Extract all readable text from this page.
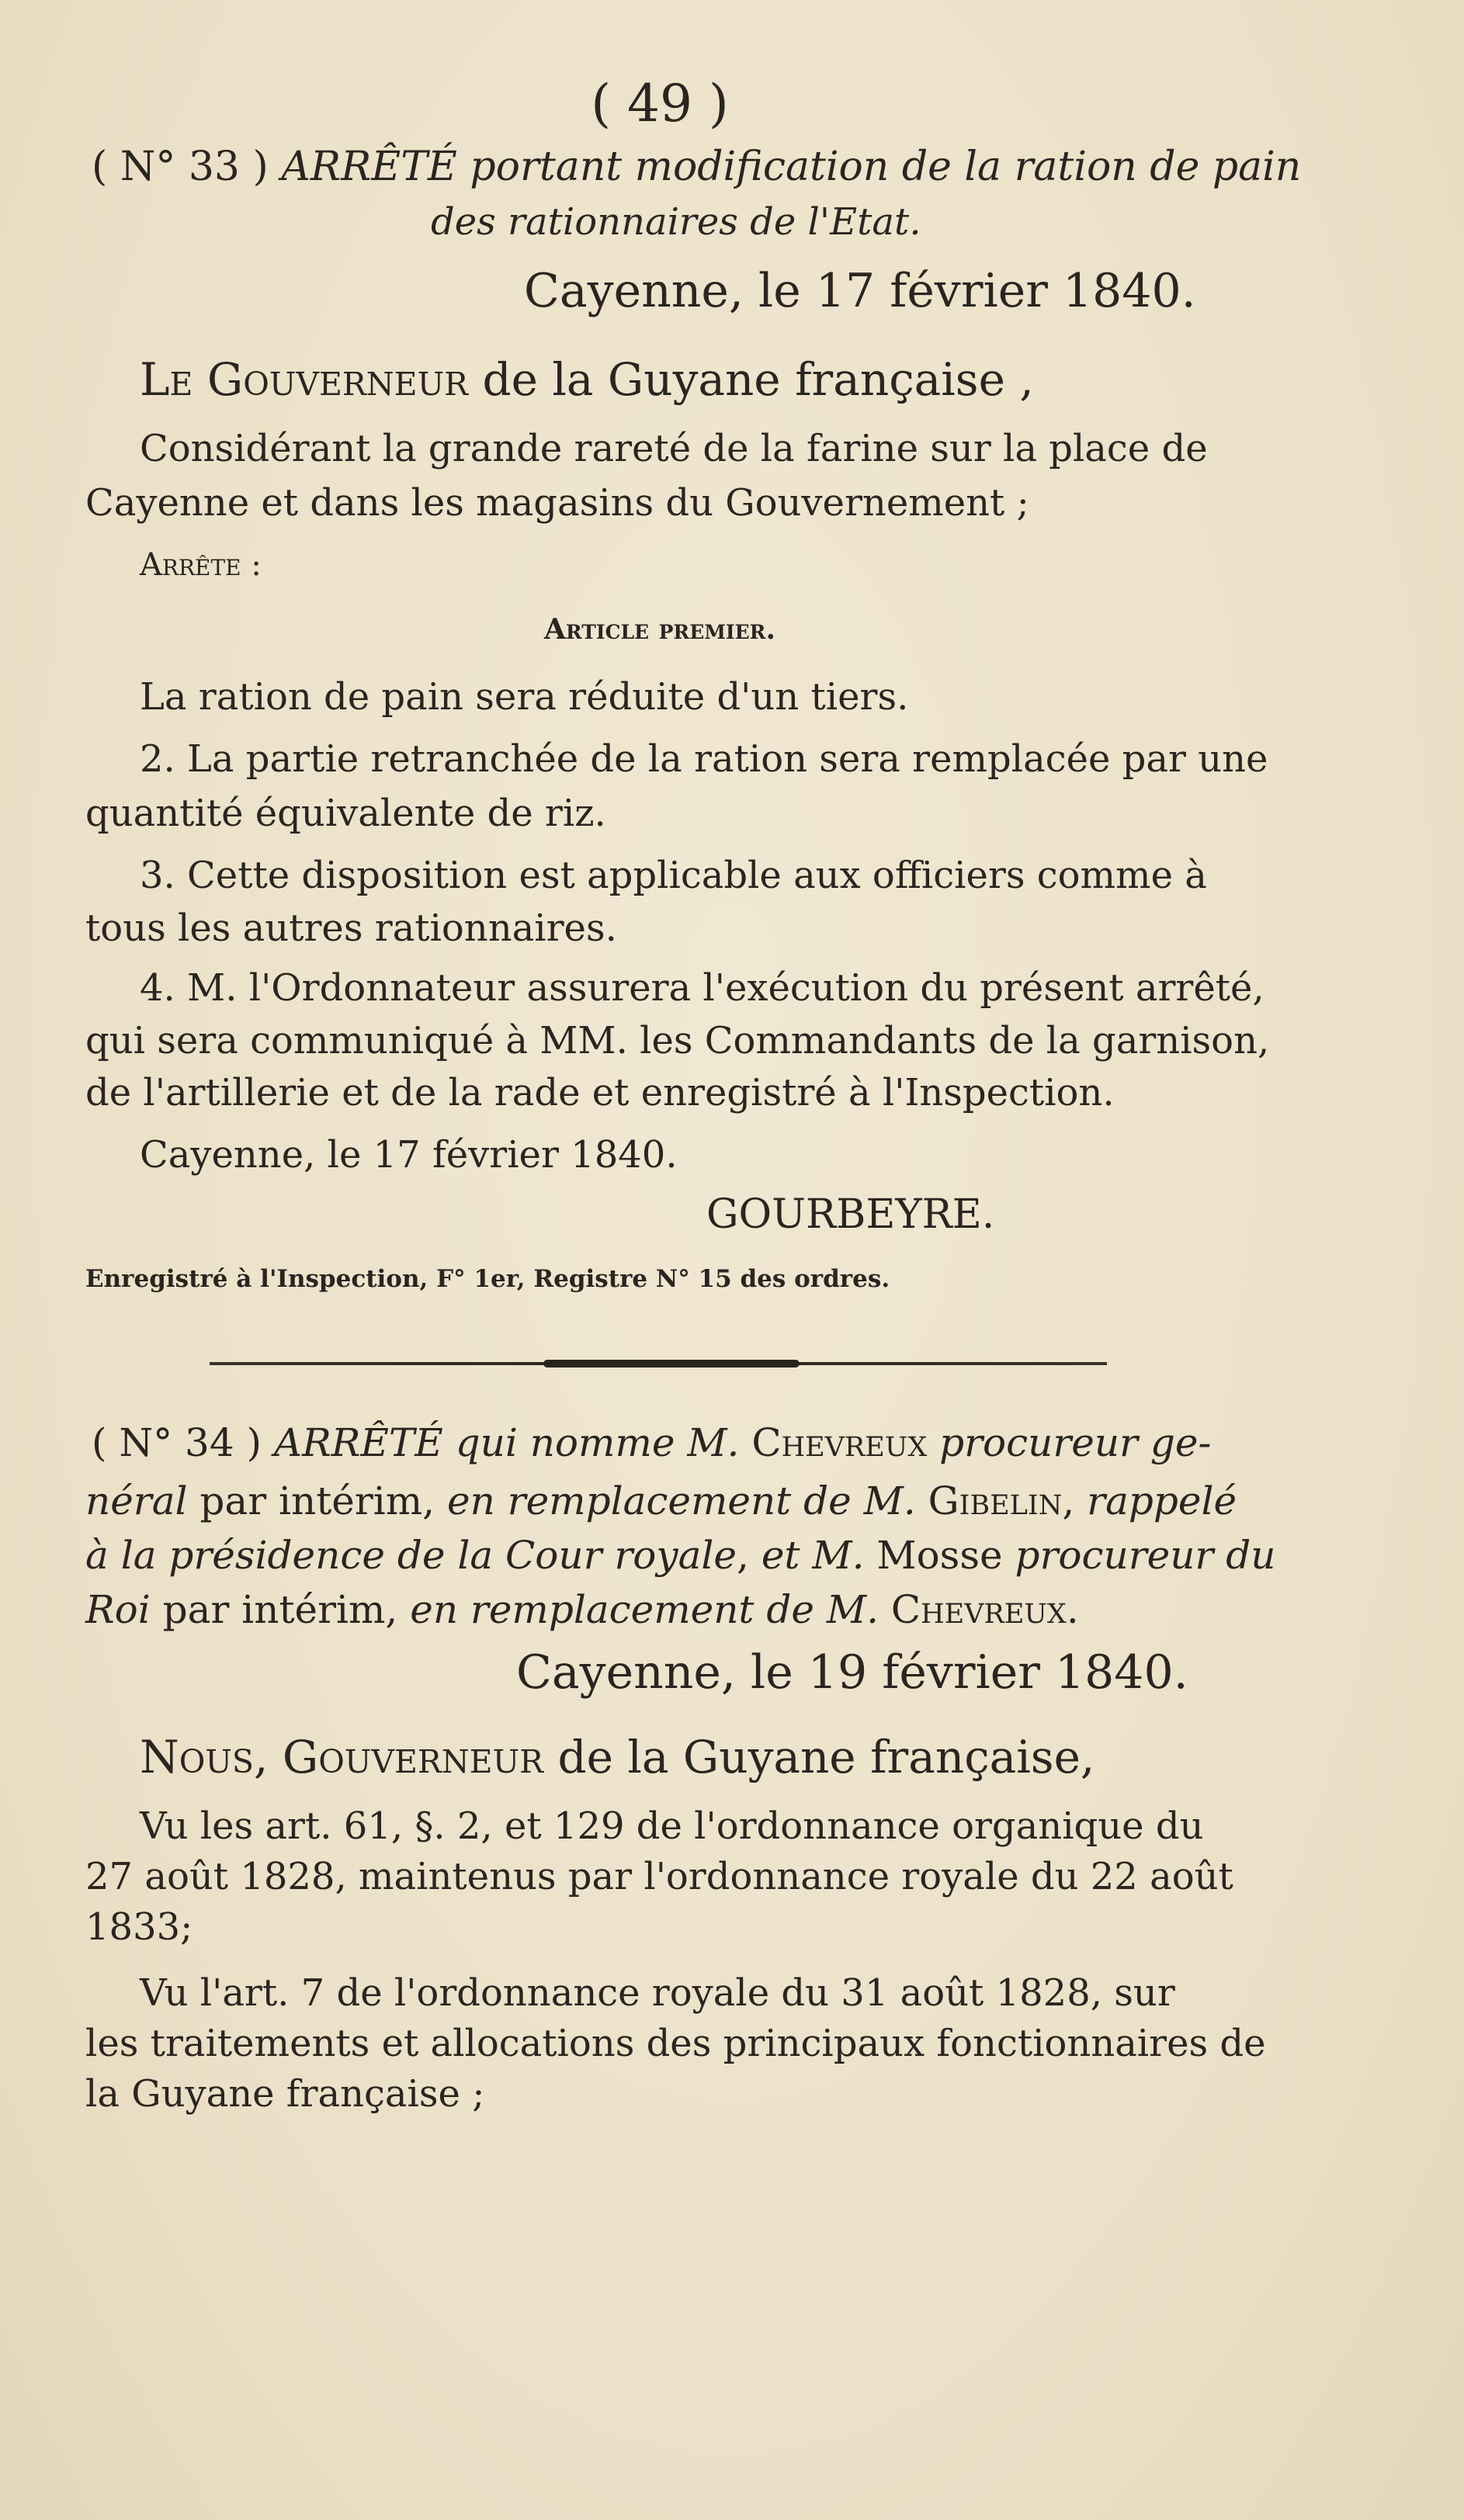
( 49 )
( N° 33 ) ARRÊTÉ portant modification de la ration de pain
des rationnaires de l'Etat.
Cayenne, le 17 février 1840.
Le Gouverneur de la Guyane française ,
Considérant la grande rareté de la farine sur la place de
Cayenne et dans les magasins du Gouvernement ;
Arrête :
Article premier.
La ration de pain sera réduite d'un tiers.
2. La partie retranchée de la ration sera remplacée par une
quantité équivalente de riz.
3. Cette disposition est applicable aux officiers comme à
tous les autres rationnaires.
4. M. l'Ordonnateur assurera l'exécution du présent arrêté,
qui sera communiqué à MM. les Commandants de la garnison,
de l'artillerie et de la rade et enregistré à l'Inspection.
Cayenne, le 17 février 1840.
GOURBEYRE.
Enregistré à l'Inspection, F° 1er, Registre N° 15 des ordres.
( N° 34 ) ARRÊTÉ qui nomme M. Chevreux procureur ge-
néral par intérim, en remplacement de M. Gibelin, rappelé
à la présidence de la Cour royale, et M. Mosse procureur du
Roi par intérim, en remplacement de M. Chevreux.
Cayenne, le 19 février 1840.
Nous, Gouverneur de la Guyane française,
Vu les art. 61, §. 2, et 129 de l'ordonnance organique du
27 août 1828, maintenus par l'ordonnance royale du 22 août
1833;
Vu l'art. 7 de l'ordonnance royale du 31 août 1828, sur
les traitements et allocations des principaux fonctionnaires de
la Guyane française ;
